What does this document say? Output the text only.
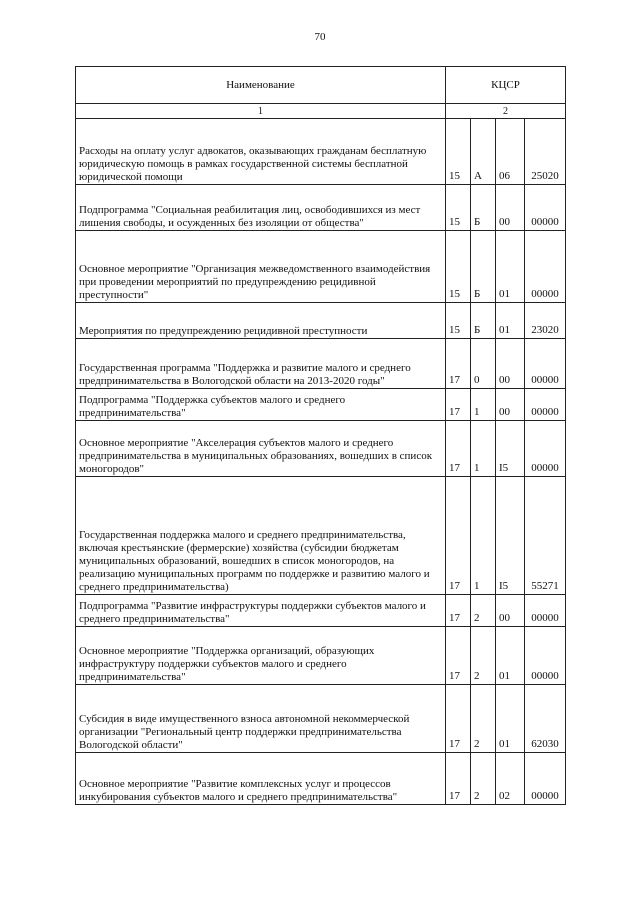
70
Наименование	КЦСР			
1	2			
Расходы на оплату услуг адвокатов, оказывающих гражданам бесплатную юридическую помощь в рамках государственной системы бесплатной юридической помощи	15	А	06	25020
Подпрограмма "Социальная реабилитация лиц, освободившихся из мест лишения свободы, и осужденных без изоляции от общества"	15	Б	00	00000
Основное мероприятие "Организация межведомственного взаимодействия при проведении мероприятий по предупреждению рецидивной преступности"	15	Б	01	00000
Мероприятия по предупреждению рецидивной преступности	15	Б	01	23020
Государственная программа "Поддержка и развитие малого и среднего предпринимательства в Вологодской области на 2013-2020 годы"	17	0	00	00000
Подпрограмма "Поддержка субъектов малого и среднего предпринимательства"	17	1	00	00000
Основное мероприятие "Акселерация субъектов малого и среднего предпринимательства в муниципальных образованиях, вошедших в список моногородов"	17	1	I5	00000
Государственная поддержка малого и среднего предпринимательства, включая крестьянские (фермерские) хозяйства (субсидии бюджетам муниципальных образований, вошедших в список моногородов, на реализацию муниципальных программ по поддержке и развитию малого и среднего предпринимательства)	17	1	I5	55271
Подпрограмма "Развитие инфраструктуры поддержки субъектов малого и среднего предпринимательства"	17	2	00	00000
Основное мероприятие "Поддержка организаций, образующих инфраструктуру поддержки субъектов малого и среднего предпринимательства"	17	2	01	00000
Субсидия в виде имущественного взноса автономной некоммерческой организации "Региональный центр поддержки предпринимательства Вологодской области"	17	2	01	62030
Основное мероприятие "Развитие комплексных услуг и процессов инкубирования субъектов малого и среднего предпринимательства"	17	2	02	00000
